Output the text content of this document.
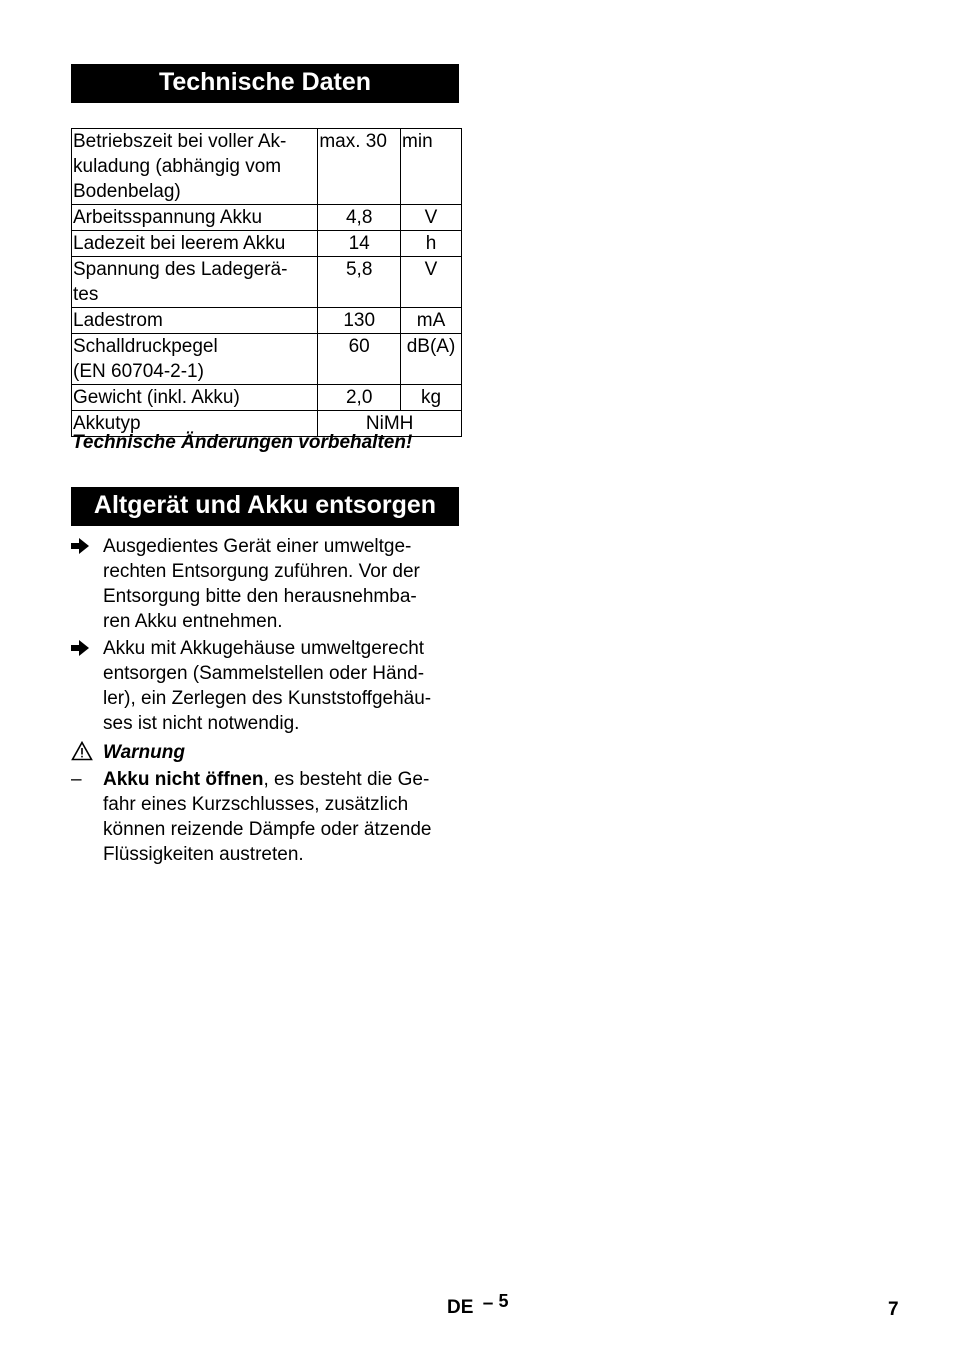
Technische Daten
Betriebszeit bei voller Ak-
kuladung (abhängig vom
Bodenbelag)	max. 30	min
Arbeitsspannung Akku	4,8	V
Ladezeit bei leerem Akku	14	h
Spannung des Ladegerä-
tes	5,8	V
Ladestrom	130	mA
Schalldruckpegel
(EN 60704-2-1)	60	dB(A)
Gewicht (inkl. Akku)	2,0	kg
Akkutyp	NiMH	
Technische Änderungen vorbehalten!
Altgerät und Akku entsorgen
Ausgedientes Gerät einer umweltge-
rechten Entsorgung zuführen. Vor der
Entsorgung bitte den herausnehmba-
ren Akku entnehmen.
Akku mit Akkugehäuse umweltgerecht
entsorgen (Sammelstellen oder Händ-
ler), ein Zerlegen des Kunststoffgehäu-
ses ist nicht notwendig.
Warnung
–	Akku nicht öffnen, es besteht die Ge-
fahr eines Kurzschlusses, zusätzlich
können reizende Dämpfe oder ätzende
Flüssigkeiten austreten.
DE – 5	7
